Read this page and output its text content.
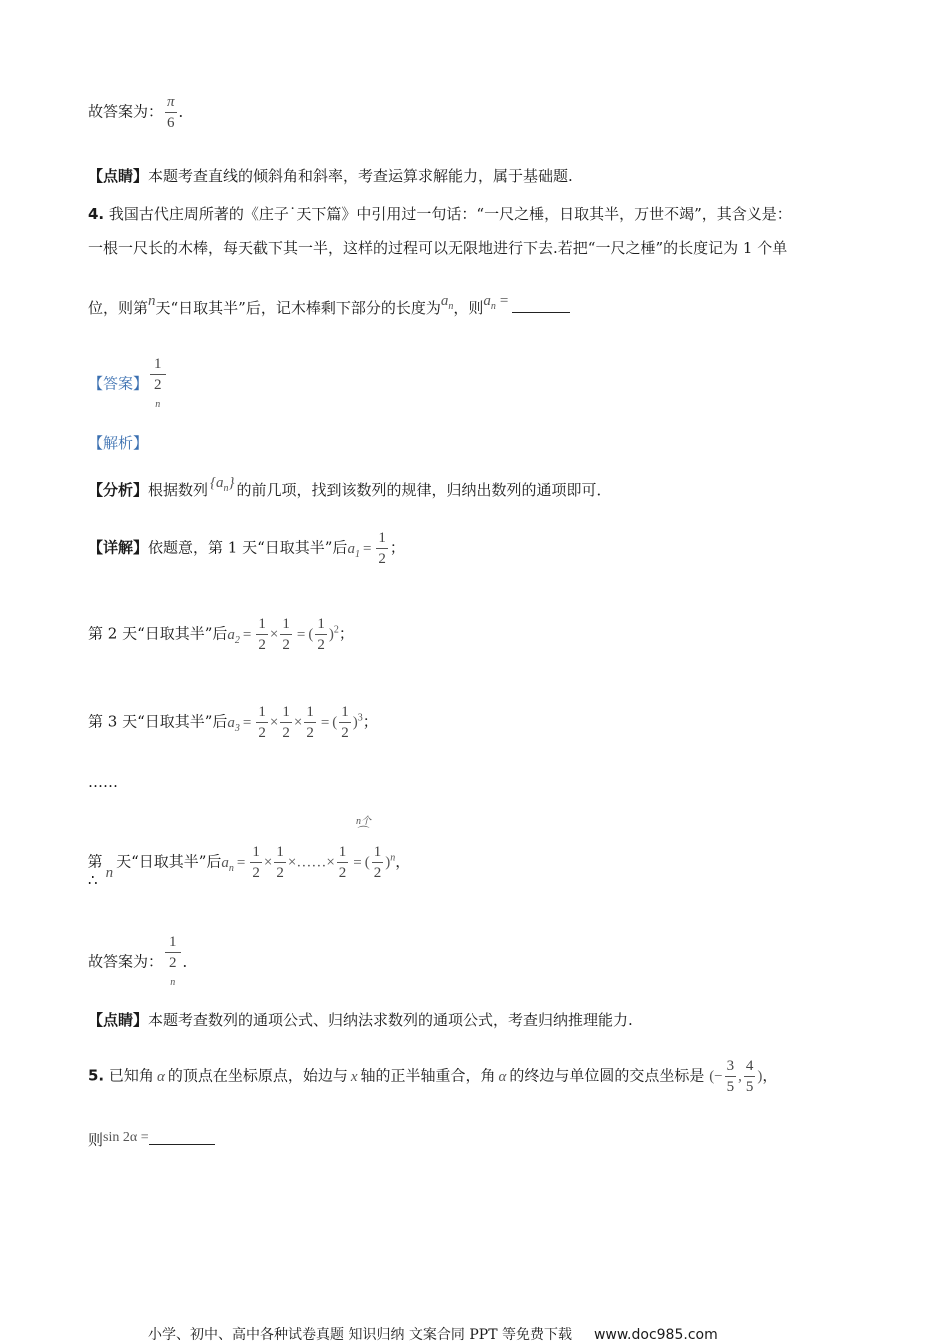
故答案为： $\frac{\pi}{6}$ ．
【点睛】本题考查直线的倾斜角和斜率，考查运算求解能力，属于基础题.
4. 我国古代庄周所著的《庄子˙天下篇》中引用过一句话：“一尺之棰，日取其半，万世不竭”，其含义是：
一根一尺长的木棒，每天截下其一半，这样的过程可以无限地进行下去.若把“一尺之棰”的长度记为 1 个单
位，则第n天“日取其半”后，记木棒剩下部分的长度为$a_n$，则$a_n$ =
【答案】 1
2
n
【解析】
【分析】根据数列 $\{a_n\}$ 的前几项，找到该数列的规律，归纳出数列的通项即可．
【详解】依题意，第 1 天“日取其半”后$a_1 = \frac{1}{2}$ ；
第 2 天“日取其半”后$a_2 = \frac{1}{2} \times \frac{1}{2}$ = ( $\frac{1}{2} )^2$；
第 3 天“日取其半”后$a_3 = \frac{1}{2} \times \frac{1}{2} \times \frac{1}{2}$ = ( $\frac{1}{2} )^3$；
……
n个
⌒
∴第n天“日取其半”后$a_n = \frac{1}{2} \times \frac{1}{2}$ ×……× $\frac{1}{2}$ = ( $\frac{1}{2} )^n$，
故答案为： 1
2
n ．
【点睛】本题考查数列的通项公式、归纳法求数列的通项公式，考查归纳推理能力.
5. 已知角 α 的顶点在坐标原点，始边与 x 轴的正半轴重合，角 α 的终边与单位圆的交点坐标是 (− $\frac{3}{5}$ , $\frac{4}{5}$ )，
则sin 2α =
小学、初中、高中各种试卷真题 知识归纳 文案合同 PPT 等免费下载 www.doc985.com
